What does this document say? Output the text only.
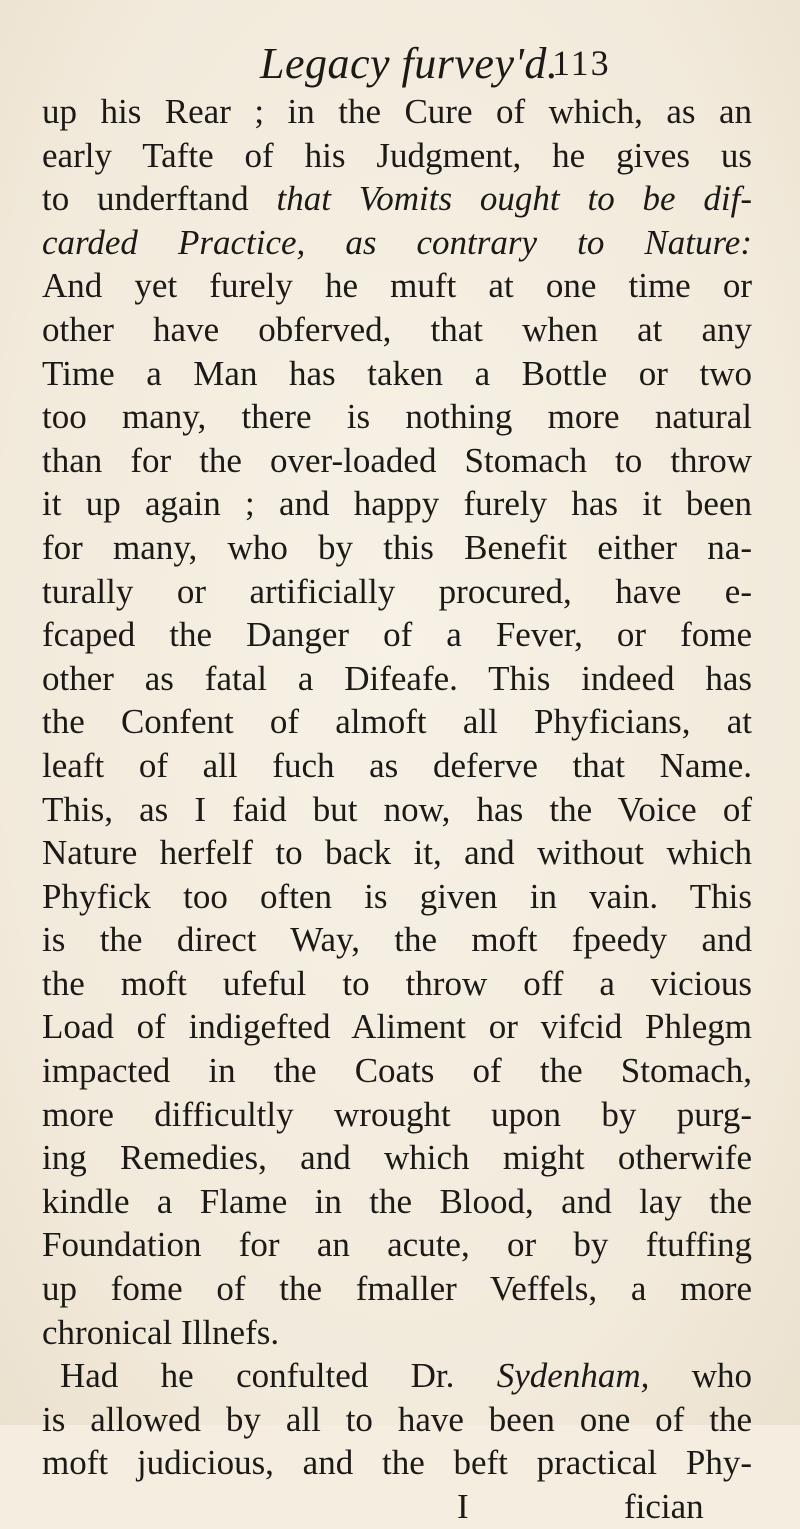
Legacy furvey'd.
113
up his Rear ; in the Cure of which, as an
early Tafte of his Judgment, he gives us
to underftand that Vomits ought to be dif-
carded Practice, as contrary to Nature:
And yet furely he muft at one time or
other have obferved, that when at any
Time a Man has taken a Bottle or two
too many, there is nothing more natural
than for the over-loaded Stomach to throw
it up again ; and happy furely has it been
for many, who by this Benefit either na-
turally or artificially procured, have e-
fcaped the Danger of a Fever, or fome
other as fatal a Difeafe. This indeed has
the Confent of almoft all Phyficians, at
leaft of all fuch as deferve that Name.
This, as I faid but now, has the Voice of
Nature herfelf to back it, and without which
Phyfick too often is given in vain. This
is the direct Way, the moft fpeedy and
the moft ufeful to throw off a vicious
Load of indigefted Aliment or vifcid Phlegm
impacted in the Coats of the Stomach,
more difficultly wrought upon by purg-
ing Remedies, and which might otherwife
kindle a Flame in the Blood, and lay the
Foundation for an acute, or by ftuffing
up fome of the fmaller Veffels, a more
chronical Illnefs.
Had he confulted Dr. Sydenham, who
is allowed by all to have been one of the
moft judicious, and the beft practical Phy-
I	fician
